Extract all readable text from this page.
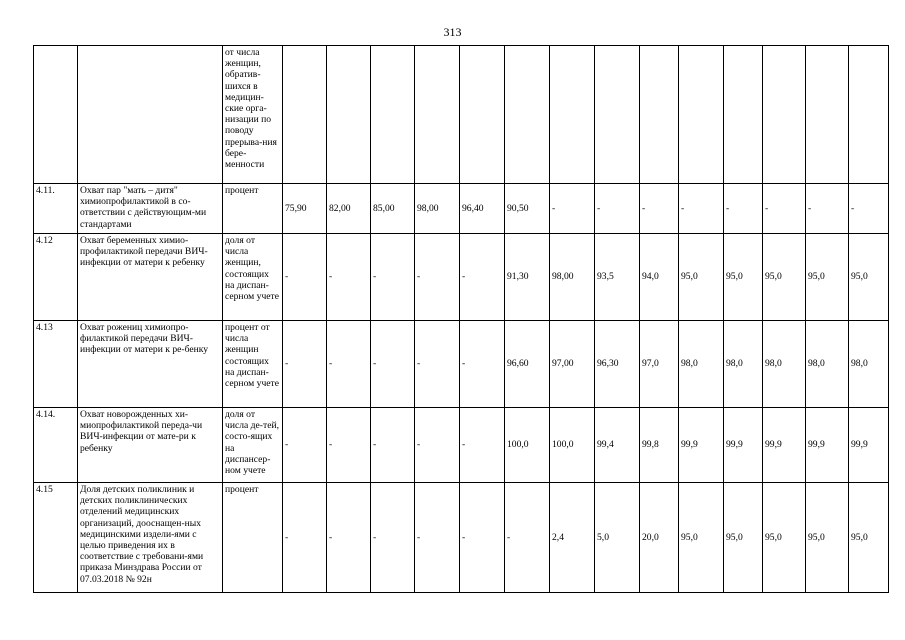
313
		от числа женщин, обратив-шихся в медицин-ские орга-низации по поводу прерыва-ния бере-менности														
4.11.	Охват пар "мать – дитя" химиопрофилактикой в со-ответствии с действующим-ми стандартами	процент	75,90	82,00	85,00	98,00	96,40	90,50	-	-	-	-	-	-	-	-
4.12	Охват беременных химио-профилактикой передачи ВИЧ-инфекции от матери к ребенку	доля от числа женщин, состоящих на диспан-серном учете	-	-	-	-	-	91,30	98,00	93,5	94,0	95,0	95,0	95,0	95,0	95,0
4.13	Охват рожениц химиопро-филактикой передачи ВИЧ-инфекции от матери к ре-бенку	процент от числа женщин состоящих на диспан-серном учете	-	-	-	-	-	96,60	97,00	96,30	97,0	98,0	98,0	98,0	98,0	98,0
4.14.	Охват новорожденных хи-миопрофилактикой переда-чи ВИЧ-инфекции от мате-ри к ребенку	доля от числа де-тей, состо-ящих на диспансер-ном учете	-	-	-	-	-	100,0	100,0	99,4	99,8	99,9	99,9	99,9	99,9	99,9
4.15	Доля детских поликлиник и детских поликлинических отделений медицинских организаций, дооснащен-ных медицинскими издели-ями с целью приведения их в соответствие с требовани-ями приказа Минздрава России от 07.03.2018 № 92н	процент	-	-	-	-	-	-	2,4	5,0	20,0	95,0	95,0	95,0	95,0	95,0
